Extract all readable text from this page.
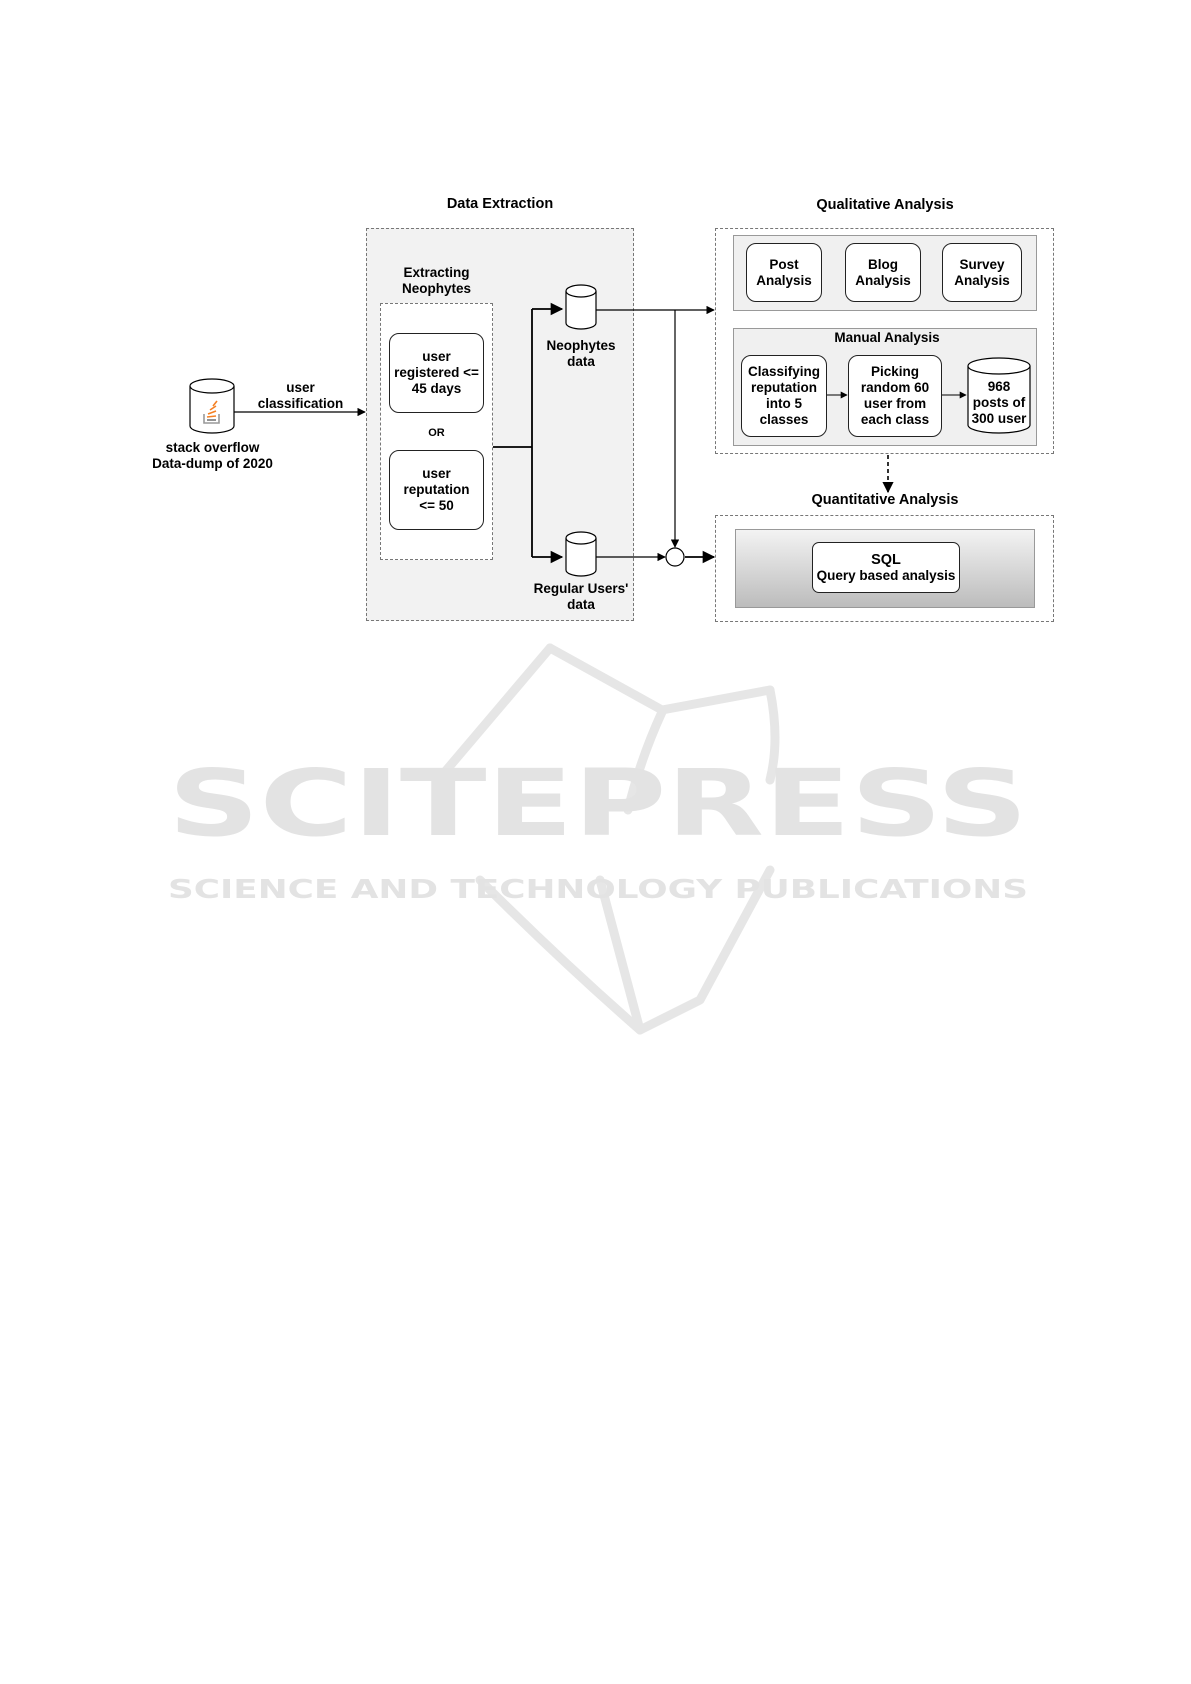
SCITEPRESS
SCIENCE AND TECHNOLOGY PUBLICATIONS
stack overflow
Data-dump of 2020
user
classification
Data Extraction
Extracting
Neophytes
user
registered <=
45 days
OR
user
reputation
<= 50
Neophytes
data
Regular Users'
data
Qualitative Analysis
Post
Analysis
Blog
Analysis
Survey
Analysis
Manual Analysis
Classifying
reputation
into 5
classes
Picking
random 60
user from
each class
968
posts of
300 user
Quantitative Analysis
SQL
Query based analysis
